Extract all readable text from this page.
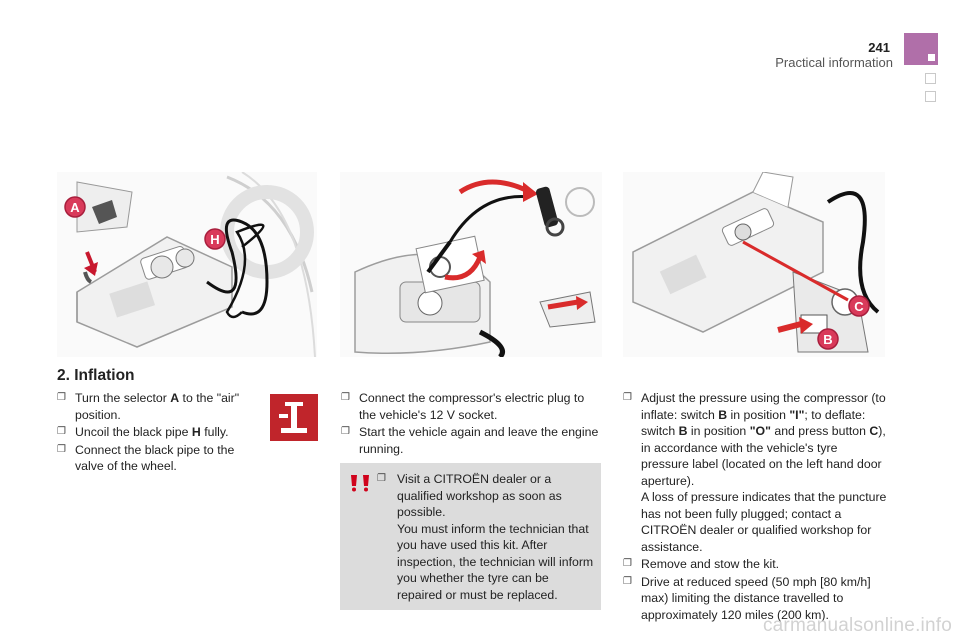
241
Practical information
A
H
C
B
2. Inflation
❐ Turn the selector A to the "air" position.
❐ Uncoil the black pipe H fully.
❐ Connect the black pipe to the valve of the wheel.
❐ Connect the compressor's electric plug to the vehicle's 12 V socket.
❐ Start the vehicle again and leave the engine running.
❐ Visit a CITROËN dealer or a qualified workshop as soon as possible.
You must inform the technician that you have used this kit. After inspection, the technician will inform you whether the tyre can be repaired or must be replaced.
❐ Adjust the pressure using the compressor (to inflate: switch B in position "I"; to deflate: switch B in position "O" and press button C), in accordance with the vehicle's tyre pressure label (located on the left hand door aperture).
A loss of pressure indicates that the puncture has not been fully plugged; contact a CITROËN dealer or qualified workshop for assistance.
❐ Remove and stow the kit.
❐ Drive at reduced speed (50 mph [80 km/h] max) limiting the distance travelled to approximately 120 miles (200 km).
carmanualsonline.info
